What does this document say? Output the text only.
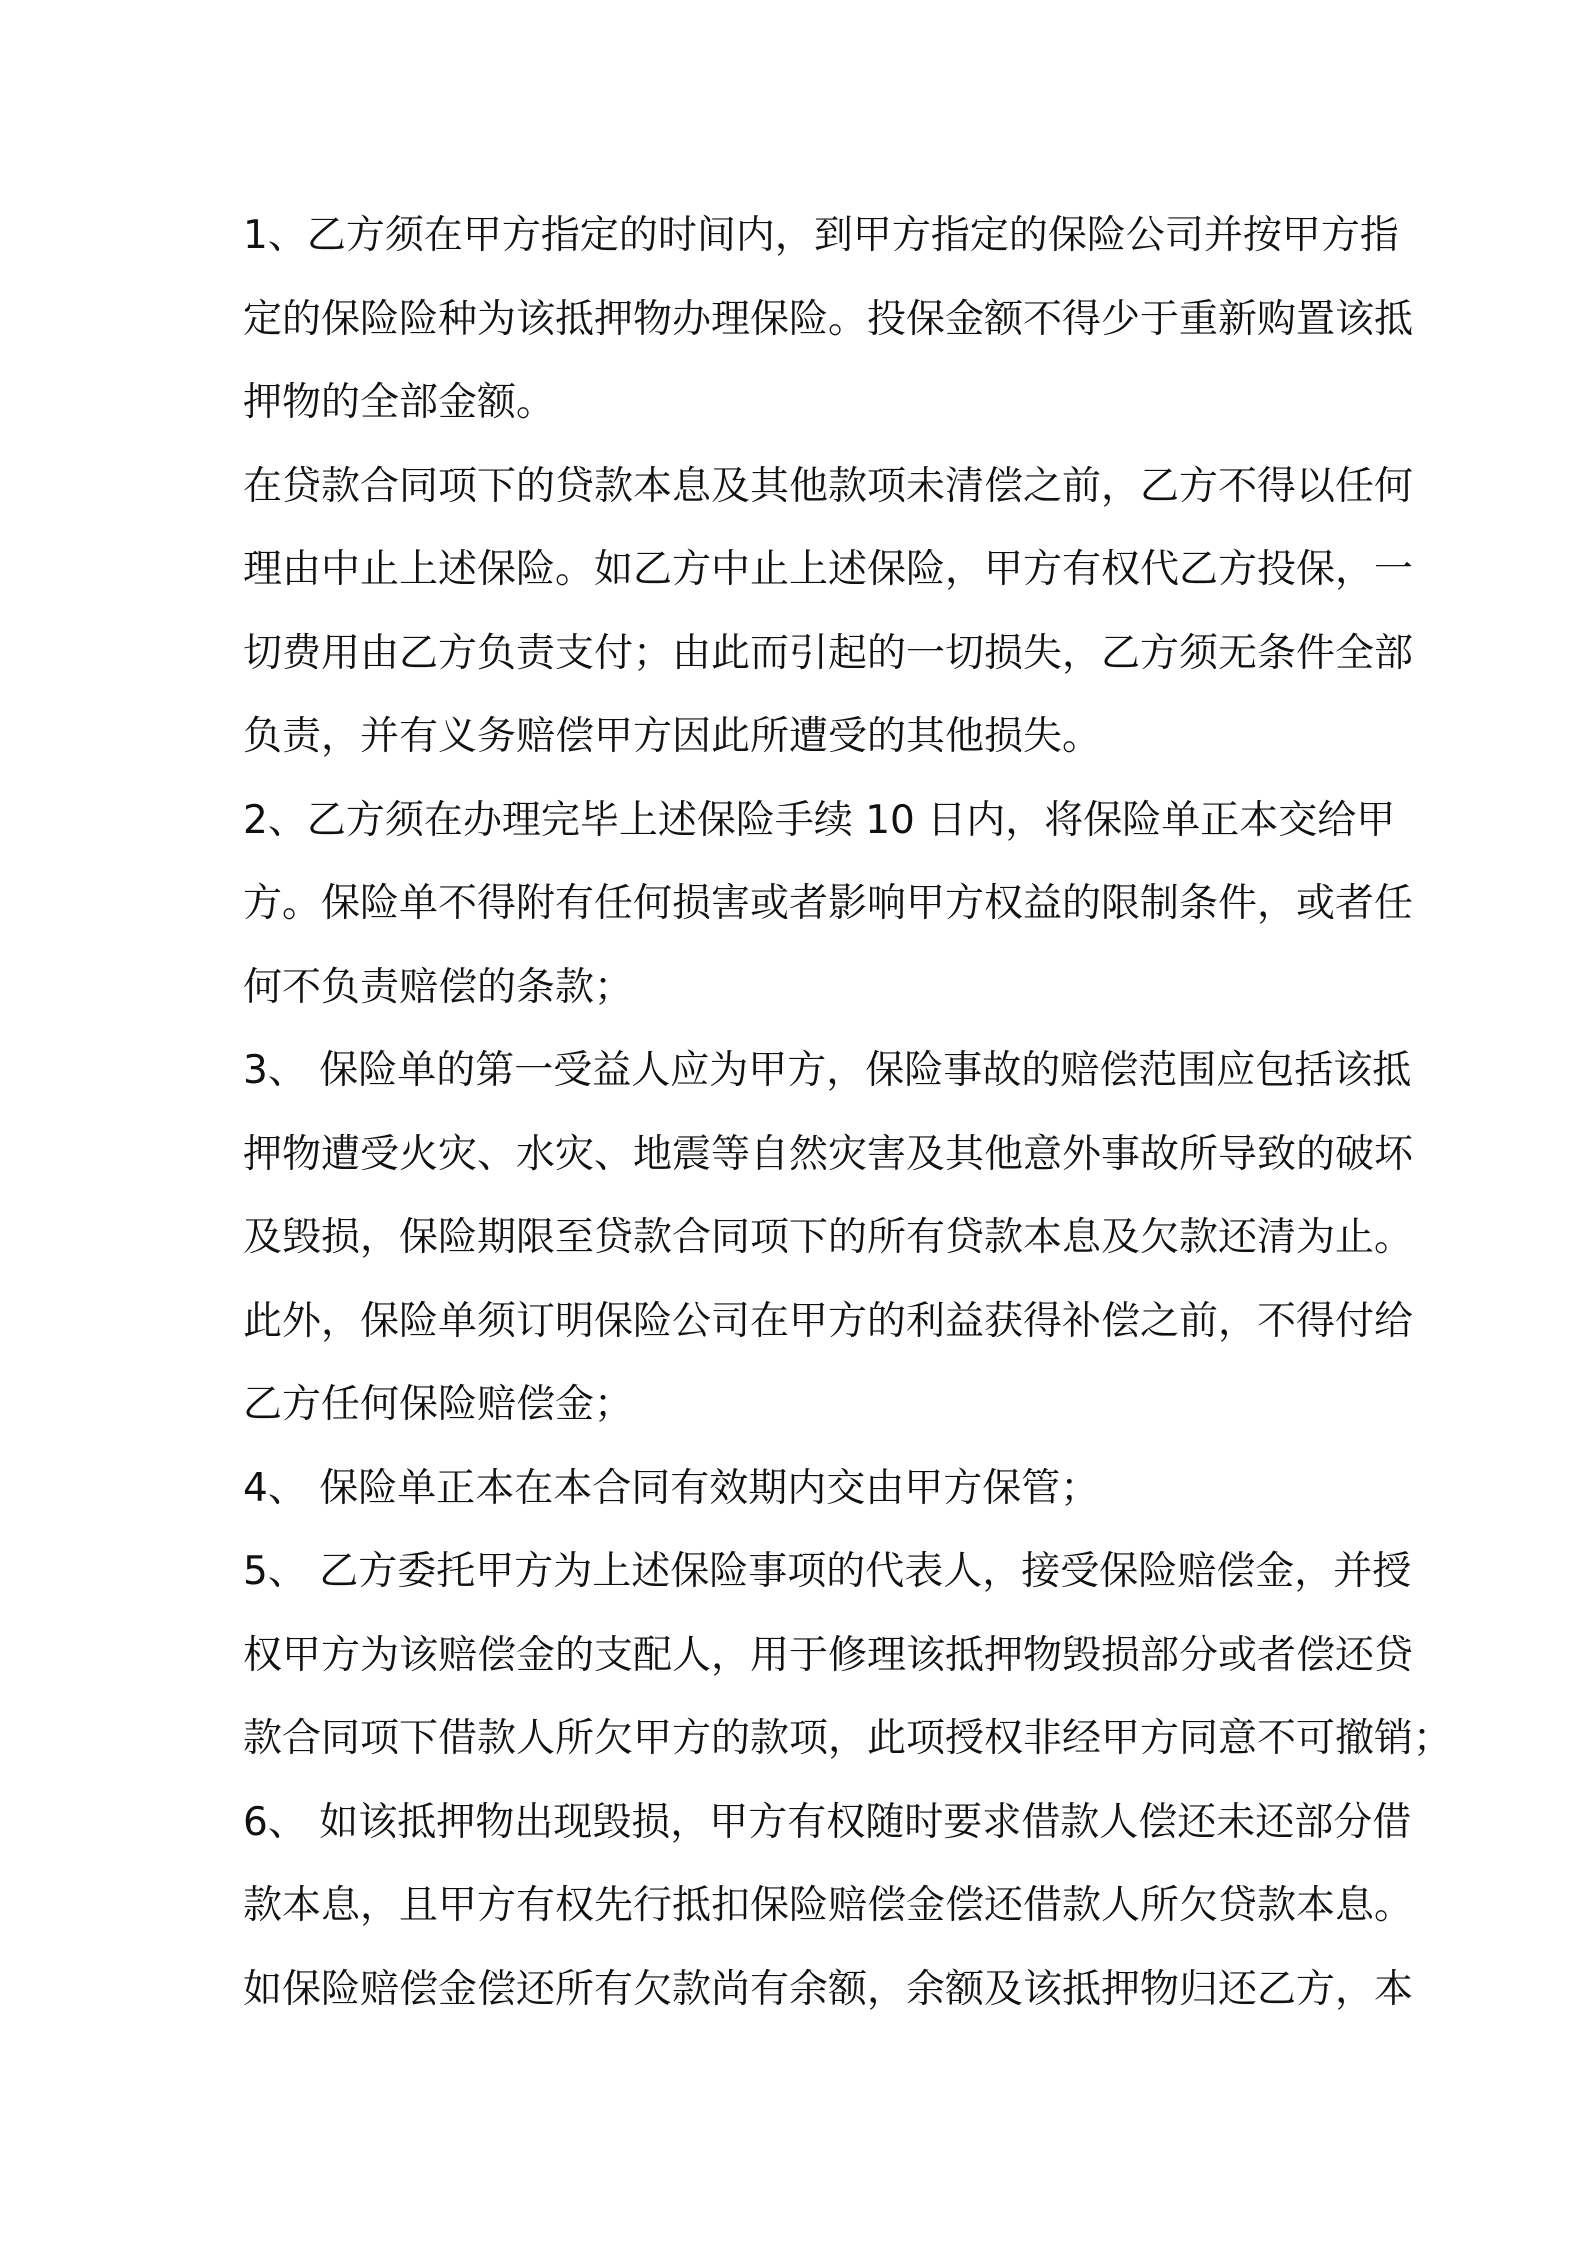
1、乙方须在甲方指定的时间内，到甲方指定的保险公司并按甲方指
定的保险险种为该抵押物办理保险。投保金额不得少于重新购置该抵
押物的全部金额。
在贷款合同项下的贷款本息及其他款项未清偿之前，乙方不得以任何
理由中止上述保险。如乙方中止上述保险，甲方有权代乙方投保，一
切费用由乙方负责支付；由此而引起的一切损失，乙方须无条件全部
负责，并有义务赔偿甲方因此所遭受的其他损失。
2、乙方须在办理完毕上述保险手续 10 日内，将保险单正本交给甲
方。保险单不得附有任何损害或者影响甲方权益的限制条件，或者任
何不负责赔偿的条款；
3、 保险单的第一受益人应为甲方，保险事故的赔偿范围应包括该抵
押物遭受火灾、水灾、地震等自然灾害及其他意外事故所导致的破坏
及毁损，保险期限至贷款合同项下的所有贷款本息及欠款还清为止。
此外，保险单须订明保险公司在甲方的利益获得补偿之前，不得付给
乙方任何保险赔偿金；
4、 保险单正本在本合同有效期内交由甲方保管；
5、 乙方委托甲方为上述保险事项的代表人，接受保险赔偿金，并授
权甲方为该赔偿金的支配人，用于修理该抵押物毁损部分或者偿还贷
款合同项下借款人所欠甲方的款项，此项授权非经甲方同意不可撤销；
6、 如该抵押物出现毁损，甲方有权随时要求借款人偿还未还部分借
款本息，且甲方有权先行抵扣保险赔偿金偿还借款人所欠贷款本息。
如保险赔偿金偿还所有欠款尚有余额，余额及该抵押物归还乙方，本
